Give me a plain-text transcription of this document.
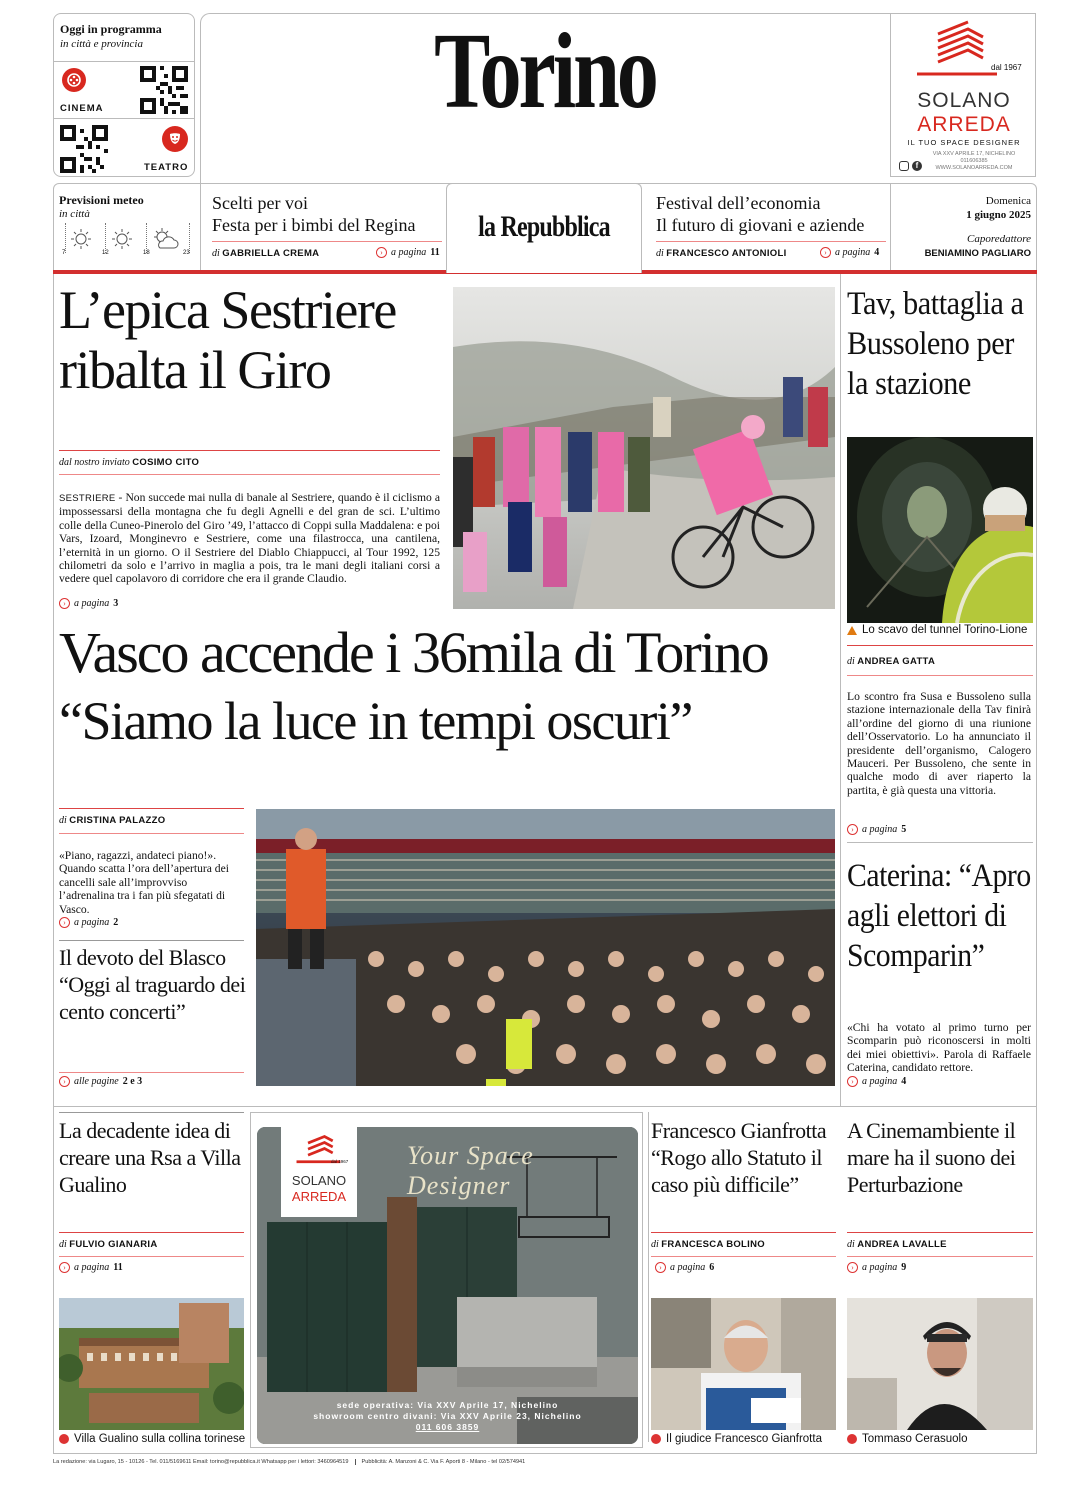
Oggi in programma
in città e provincia
CINEMA
TEATRO
Torino	dal 1967
SOLANO
ARREDA
IL TUO SPACE DESIGNER
VIA XXV APRILE 17, NICHELINO
011606385
WWW.SOLANOARREDA.COM
f
Previsioni meteo
in città
7	12	18	23
Scelti per voi
Festa per i bimbi del Regina
di GABRIELLA CREMA	› a pagina 11
la Repubblica
Festival dell’economia
Il futuro di giovani e aziende
di FRANCESCO ANTONIOLI	› a pagina 4
Domenica
1 giugno 2025
Caporedattore
BENIAMINO PAGLIARO
L’epica Sestriere ribalta il Giro
dal nostro inviato COSIMO CITO
SESTRIERE - Non succede mai nulla di banale al Sestriere, quando è il ciclismo a impossessarsi della montagna che fu degli Agnelli e del gran de sci. L’ultimo colle della Cuneo-Pinerolo del Giro ’49, l’attacco di Coppi sulla Maddalena: e poi Vars, Izoard, Monginevro e Sestriere, come una filastrocca, una cantilena, l’eternità in un giorno. O il Sestriere del Diablo Chiappucci, al Tour 1992, 125 chilometri da solo e l’arrivo in maglia a pois, tra le mani degli italiani corsi a vedere quel capolavoro di corridore che era il grande Claudio.
› a pagina 3
Tav, battaglia a Bussoleno per la stazione
Lo scavo del tunnel Torino-Lione
di ANDREA GATTA
Lo scontro fra Susa e Bussoleno sulla stazione internazionale della Tav finirà all’ordine del giorno di una riunione dell’Osservatorio. Lo ha annunciato il presidente dell’organismo, Calogero Mauceri. Per Bussoleno, che sente in qualche modo di aver riaperto la partita, è già questa una vittoria.
› a pagina 5
Vasco accende i 36mila di Torino
“Siamo la luce in tempi oscuri”
di CRISTINA PALAZZO
«Piano, ragazzi, andateci piano!». Quando scatta l’ora dell’apertura dei cancelli sale all’improvviso l’adrenalina tra i fan più sfegatati di Vasco.
› a pagina 2
Il devoto del Blasco “Oggi al traguardo dei cento concerti”
› alle pagine 2 e 3
Caterina: “Apro agli elettori di Scomparin”
«Chi ha votato al primo turno per Scomparin può riconoscersi in molti dei miei obiettivi». Parola di Raffaele Caterina, candidato rettore.
› a pagina 4
La decadente idea di creare una Rsa a Villa Gualino
di FULVIO GIANARIA
› a pagina 11
Villa Gualino sulla collina torinese
dal 1967
SOLANO
ARREDA
Your Space Designer
sede operativa: Via XXV Aprile 17, Nichelino
showroom centro divani: Via XXV Aprile 23, Nichelino
011 606 3859
Francesco Gianfrotta “Rogo allo Statuto il caso più difficile”
di FRANCESCA BOLINO
› a pagina 6
Il giudice Francesco Gianfrotta
A Cinemambiente il mare ha il suono dei Perturbazione
di ANDREA LAVALLE
› a pagina 9
Tommaso Cerasuolo
La redazione: via Lugaro, 15 - 10126 - Tel. 011/5169611 Email: torino@repubblica.it Whatsapp per i lettori: 3460964519	Pubblicità: A. Manzoni & C. Via F. Aporti 8 - Milano - tel 02/574941
